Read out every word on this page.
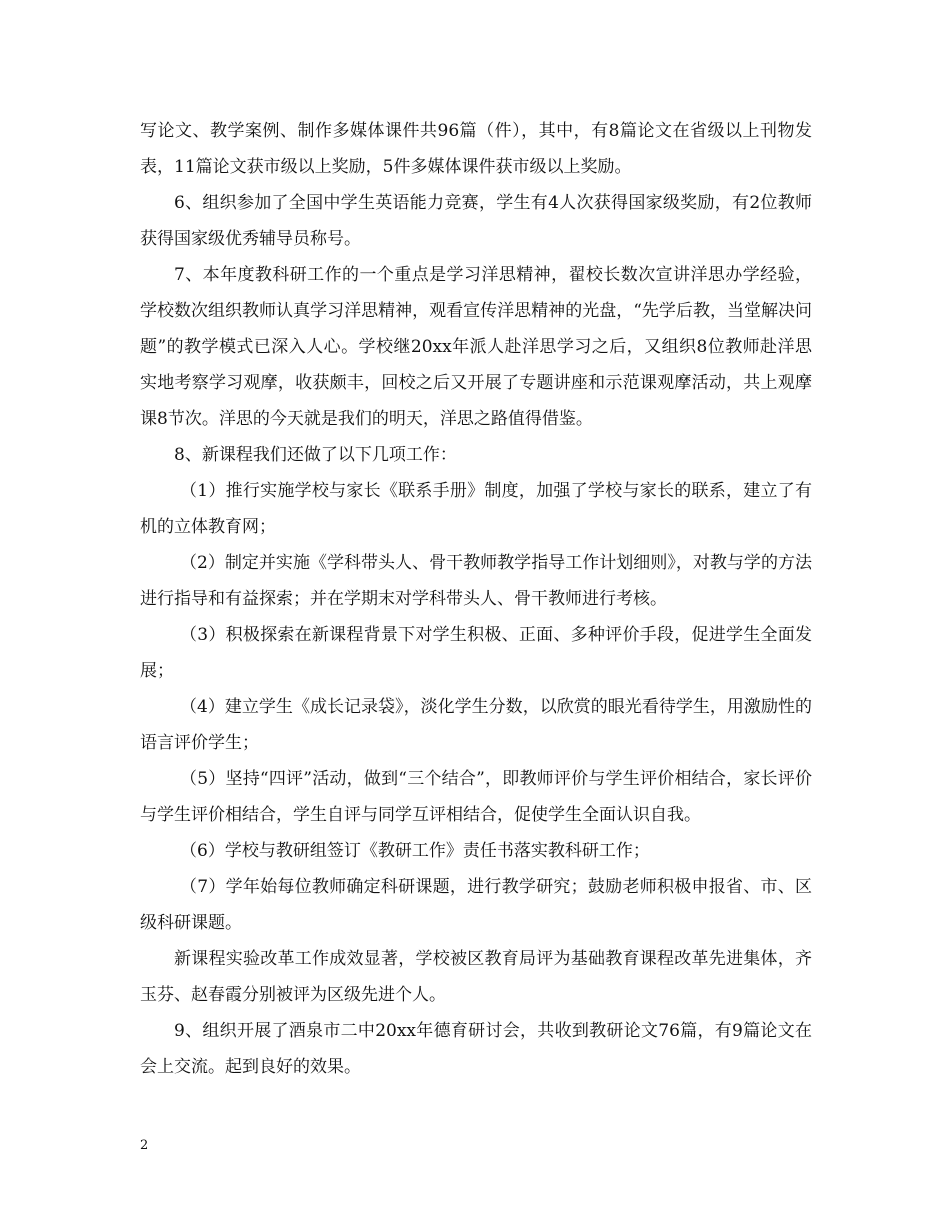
写论文、教学案例、制作多媒体课件共96篇（件），其中，有8篇论文在省级以上刊物发表，11篇论文获市级以上奖励，5件多媒体课件获市级以上奖励。

6、组织参加了全国中学生英语能力竞赛，学生有4人次获得国家级奖励，有2位教师获得国家级优秀辅导员称号。

7、本年度教科研工作的一个重点是学习洋思精神，翟校长数次宣讲洋思办学经验，学校数次组织教师认真学习洋思精神，观看宣传洋思精神的光盘，“先学后教，当堂解决问题”的教学模式已深入人心。学校继20xx年派人赴洋思学习之后，又组织8位教师赴洋思实地考察学习观摩，收获颇丰，回校之后又开展了专题讲座和示范课观摩活动，共上观摩课8节次。洋思的今天就是我们的明天，洋思之路值得借鉴。

8、新课程我们还做了以下几项工作：

（1）推行实施学校与家长《联系手册》制度，加强了学校与家长的联系，建立了有机的立体教育网；

（2）制定并实施《学科带头人、骨干教师教学指导工作计划细则》，对教与学的方法进行指导和有益探索；并在学期末对学科带头人、骨干教师进行考核。

（3）积极探索在新课程背景下对学生积极、正面、多种评价手段，促进学生全面发展；

（4）建立学生《成长记录袋》，淡化学生分数，以欣赏的眼光看待学生，用激励性的语言评价学生；

（5）坚持“四评”活动，做到“三个结合”，即教师评价与学生评价相结合，家长评价与学生评价相结合，学生自评与同学互评相结合，促使学生全面认识自我。

（6）学校与教研组签订《教研工作》责任书落实教科研工作；

（7）学年始每位教师确定科研课题，进行教学研究；鼓励老师积极申报省、市、区级科研课题。

新课程实验改革工作成效显著，学校被区教育局评为基础教育课程改革先进集体，齐玉芬、赵春霞分别被评为区级先进个人。

9、组织开展了酒泉市二中20xx年德育研讨会，共收到教研论文76篇，有9篇论文在会上交流。起到良好的效果。

2
